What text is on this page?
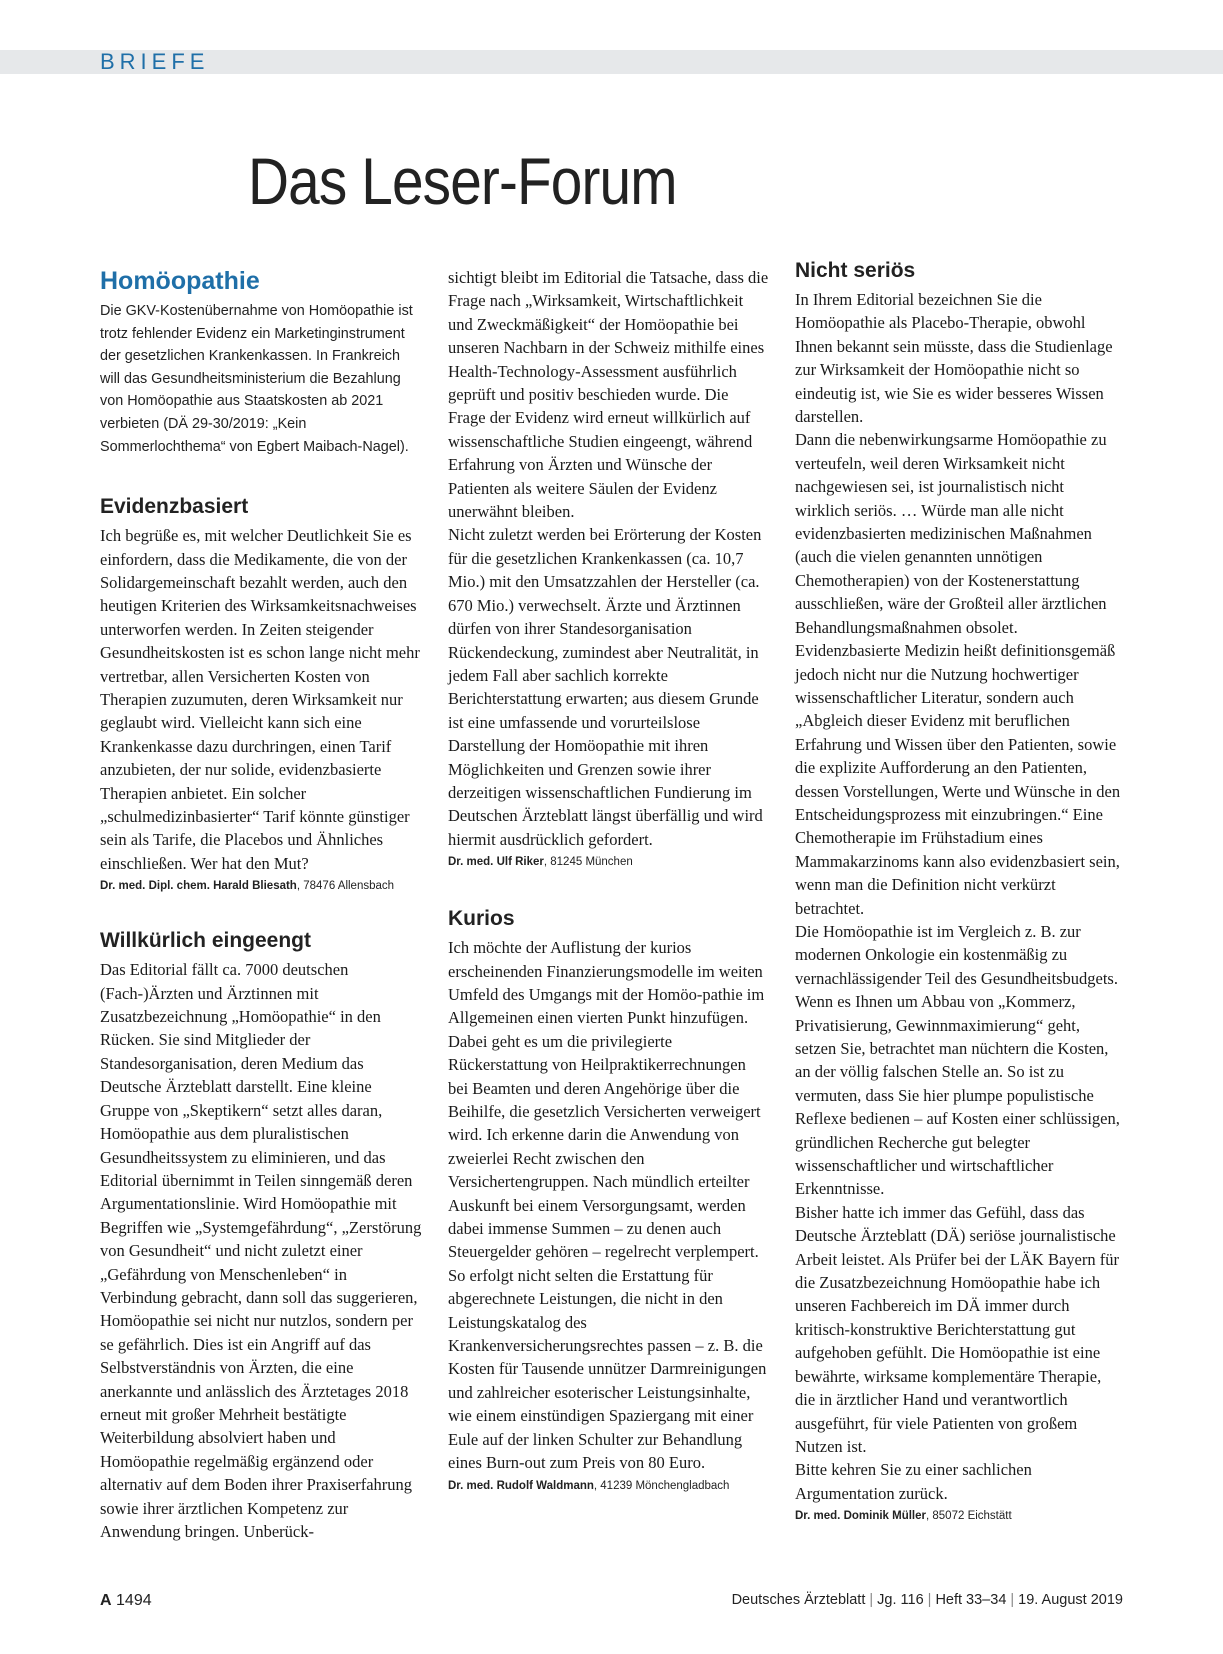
BRIEFE
Das Leser-Forum
Homöopathie

Die GKV-Kostenübernahme von Homöopathie ist trotz fehlender Evidenz ein Marketinginstrument der gesetzlichen Krankenkassen. In Frankreich will das Gesundheitsministerium die Bezahlung von Homöopathie aus Staatskosten ab 2021 verbieten (DÄ 29-30/2019: „Kein Sommerlochthema“ von Egbert Maibach-Nagel).

Evidenzbasiert

Ich begrüße es, mit welcher Deutlichkeit Sie es einfordern, dass die Medikamente, die von der Solidargemeinschaft bezahlt werden, auch den heutigen Kriterien des Wirksamkeitsnachweises unterworfen werden. In Zeiten steigender Gesundheitskosten ist es schon lange nicht mehr vertretbar, allen Versicherten Kosten von Therapien zuzumuten, deren Wirksamkeit nur geglaubt wird. Vielleicht kann sich eine Krankenkasse dazu durchringen, einen Tarif anzubieten, der nur solide, evidenzbasierte Therapien anbietet. Ein solcher „schulmedizinbasierter“ Tarif könnte günstiger sein als Tarife, die Placebos und Ähnliches einschließen. Wer hat den Mut?

Dr. med. Dipl. chem. Harald Bliesath, 78476 Allensbach

Willkürlich eingeengt

Das Editorial fällt ca. 7000 deutschen (Fach-)Ärzten und Ärztinnen mit Zusatzbezeichnung „Homöopathie“ in den Rücken. Sie sind Mitglieder der Standesorganisation, deren Medium das Deutsche Ärzteblatt darstellt. Eine kleine Gruppe von „Skeptikern“ setzt alles daran, Homöopathie aus dem pluralistischen Gesundheitssystem zu eliminieren, und das Editorial übernimmt in Teilen sinngemäß deren Argumentationslinie. Wird Homöopathie mit Begriffen wie „Systemgefährdung“, „Zerstörung von Gesundheit“ und nicht zuletzt einer „Gefährdung von Menschenleben“ in Verbindung gebracht, dann soll das suggerieren, Homöopathie sei nicht nur nutzlos, sondern per se gefährlich. Dies ist ein Angriff auf das Selbstverständnis von Ärzten, die eine anerkannte und anlässlich des Ärztetages 2018 erneut mit großer Mehrheit bestätigte Weiterbildung absolviert haben und Homöopathie regelmäßig ergänzend oder alternativ auf dem Boden ihrer Praxiserfahrung sowie ihrer ärztlichen Kompetenz zur Anwendung bringen. Unberück-

sichtigt bleibt im Editorial die Tatsache, dass die Frage nach „Wirksamkeit, Wirtschaftlichkeit und Zweckmäßigkeit“ der Homöopathie bei unseren Nachbarn in der Schweiz mithilfe eines Health-Technology-Assessment ausführlich geprüft und positiv beschieden wurde. Die Frage der Evidenz wird erneut willkürlich auf wissenschaftliche Studien eingeengt, während Erfahrung von Ärzten und Wünsche der Patienten als weitere Säulen der Evidenz unerwähnt bleiben.

Nicht zuletzt werden bei Erörterung der Kosten für die gesetzlichen Krankenkassen (ca. 10,7 Mio.) mit den Umsatzzahlen der Hersteller (ca. 670 Mio.) verwechselt. Ärzte und Ärztinnen dürfen von ihrer Standesorganisation Rückendeckung, zumindest aber Neutralität, in jedem Fall aber sachlich korrekte Berichterstattung erwarten; aus diesem Grunde ist eine umfassende und vorurteilslose Darstellung der Homöopathie mit ihren Möglichkeiten und Grenzen sowie ihrer derzeitigen wissenschaftlichen Fundierung im Deutschen Ärzteblatt längst überfällig und wird hiermit ausdrücklich gefordert.

Dr. med. Ulf Riker, 81245 München

Kurios

Ich möchte der Auflistung der kurios erscheinenden Finanzierungsmodelle im weiten Umfeld des Umgangs mit der Homöo-pathie im Allgemeinen einen vierten Punkt hinzufügen. Dabei geht es um die privilegierte Rückerstattung von Heilpraktikerrechnungen bei Beamten und deren Angehörige über die Beihilfe, die gesetzlich Versicherten verweigert wird. Ich erkenne darin die Anwendung von zweierlei Recht zwischen den Versichertengruppen. Nach mündlich erteilter Auskunft bei einem Versorgungsamt, werden dabei immense Summen – zu denen auch Steuergelder gehören – regelrecht verplempert. So erfolgt nicht selten die Erstattung für abgerechnete Leistungen, die nicht in den Leistungskatalog des Krankenversicherungsrechtes passen – z. B. die Kosten für Tausende unnützer Darmreinigungen und zahlreicher esoterischer Leistungsinhalte, wie einem einstündigen Spaziergang mit einer Eule auf der linken Schulter zur Behandlung eines Burn-out zum Preis von 80 Euro.

Dr. med. Rudolf Waldmann, 41239 Mönchengladbach

Nicht seriös

In Ihrem Editorial bezeichnen Sie die Homöopathie als Placebo-Therapie, obwohl Ihnen bekannt sein müsste, dass die Studienlage zur Wirksamkeit der Homöopathie nicht so eindeutig ist, wie Sie es wider besseres Wissen darstellen.

Dann die nebenwirkungsarme Homöopathie zu verteufeln, weil deren Wirksamkeit nicht nachgewiesen sei, ist journalistisch nicht wirklich seriös. … Würde man alle nicht evidenzbasierten medizinischen Maßnahmen (auch die vielen genannten unnötigen Chemotherapien) von der Kostenerstattung ausschließen, wäre der Großteil aller ärztlichen Behandlungsmaßnahmen obsolet. Evidenzbasierte Medizin heißt definitionsgemäß jedoch nicht nur die Nutzung hochwertiger wissenschaftlicher Literatur, sondern auch „Abgleich dieser Evidenz mit beruflichen Erfahrung und Wissen über den Patienten, sowie die explizite Aufforderung an den Patienten, dessen Vorstellungen, Werte und Wünsche in den Entscheidungsprozess mit einzubringen.“ Eine Chemotherapie im Frühstadium eines Mammakarzinoms kann also evidenzbasiert sein, wenn man die Definition nicht verkürzt betrachtet.

Die Homöopathie ist im Vergleich z. B. zur modernen Onkologie ein kostenmäßig zu vernachlässigender Teil des Gesundheitsbudgets. Wenn es Ihnen um Abbau von „Kommerz, Privatisierung, Gewinnmaximierung“ geht, setzen Sie, betrachtet man nüchtern die Kosten, an der völlig falschen Stelle an. So ist zu vermuten, dass Sie hier plumpe populistische Reflexe bedienen – auf Kosten einer schlüssigen, gründlichen Recherche gut belegter wissenschaftlicher und wirtschaftlicher Erkenntnisse.

Bisher hatte ich immer das Gefühl, dass das Deutsche Ärzteblatt (DÄ) seriöse journalistische Arbeit leistet. Als Prüfer bei der LÄK Bayern für die Zusatzbezeichnung Homöopathie habe ich unseren Fachbereich im DÄ immer durch kritisch-konstruktive Berichterstattung gut aufgehoben gefühlt. Die Homöopathie ist eine bewährte, wirksame komplementäre Therapie, die in ärztlicher Hand und verantwortlich ausgeführt, für viele Patienten von großem Nutzen ist.

Bitte kehren Sie zu einer sachlichen Argumentation zurück.

Dr. med. Dominik Müller, 85072 Eichstätt

A 1494	Deutsches Ärzteblatt | Jg. 116 | Heft 33–34 | 19. August 2019
